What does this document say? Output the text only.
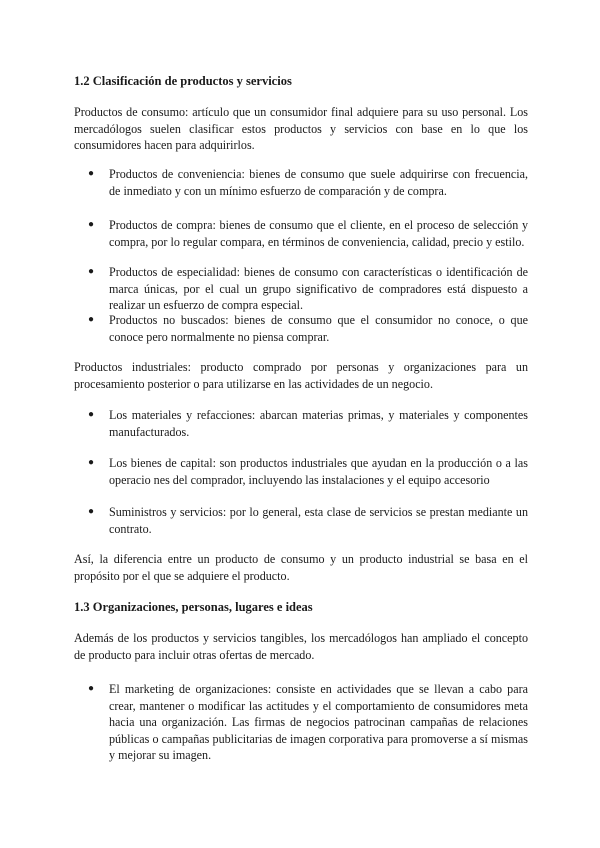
1.2 Clasificación de productos y servicios

Productos de consumo: artículo que un consumidor final adquiere para su uso personal. Los mercadólogos suelen clasificar estos productos y servicios con base en lo que los consumidores hacen para adquirirlos.

● Productos de conveniencia: bienes de consumo que suele adquirirse con frecuencia, de inmediato y con un mínimo esfuerzo de comparación y de compra.
● Productos de compra: bienes de consumo que el cliente, en el proceso de selección y compra, por lo regular compara, en términos de conveniencia, calidad, precio y estilo.
● Productos de especialidad: bienes de consumo con características o identificación de marca únicas, por el cual un grupo significativo de compradores está dispuesto a realizar un esfuerzo de compra especial.
● Productos no buscados: bienes de consumo que el consumidor no conoce, o que conoce pero normalmente no piensa comprar.

Productos industriales: producto comprado por personas y organizaciones para un procesamiento posterior o para utilizarse en las actividades de un negocio.

● Los materiales y refacciones: abarcan materias primas, y materiales y componentes manufacturados.
● Los bienes de capital: son productos industriales que ayudan en la producción o a las operacio nes del comprador, incluyendo las instalaciones y el equipo accesorio
● Suministros y servicios: por lo general, esta clase de servicios se prestan mediante un contrato.

Así, la diferencia entre un producto de consumo y un producto industrial se basa en el propósito por el que se adquiere el producto.

1.3 Organizaciones, personas, lugares e ideas

Además de los productos y servicios tangibles, los mercadólogos han ampliado el concepto de producto para incluir otras ofertas de mercado.

● El marketing de organizaciones: consiste en actividades que se llevan a cabo para crear, mantener o modificar las actitudes y el comportamiento de consumidores meta hacia una organización. Las firmas de negocios patrocinan campañas de relaciones públicas o campañas publicitarias de imagen corporativa para promoverse a sí mismas y mejorar su imagen.
